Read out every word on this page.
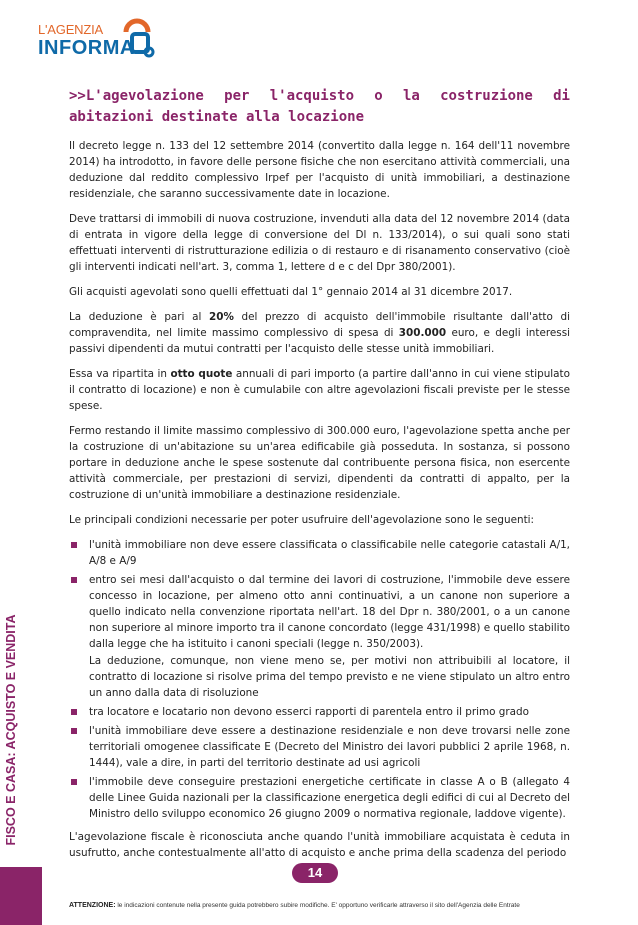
L'AGENZIA
INFORMA
FISCO E CASA: ACQUISTO E VENDITA
>>L'agevolazione per l'acquisto o la costruzione di abitazioni destinate alla locazione

Il decreto legge n. 133 del 12 settembre 2014 (convertito dalla legge n. 164 dell'11 novembre 2014) ha introdotto, in favore delle persone fisiche che non esercitano attività commerciali, una deduzione dal reddito complessivo Irpef per l'acquisto di unità immobiliari, a destinazione residenziale, che saranno successivamente date in locazione.

Deve trattarsi di immobili di nuova costruzione, invenduti alla data del 12 novembre 2014 (data di entrata in vigore della legge di conversione del Dl n. 133/2014), o sui quali sono stati effettuati interventi di ristrutturazione edilizia o di restauro e di risanamento conservativo (cioè gli interventi indicati nell'art. 3, comma 1, lettere d e c del Dpr 380/2001).

Gli acquisti agevolati sono quelli effettuati dal 1° gennaio 2014 al 31 dicembre 2017.

La deduzione è pari al 20% del prezzo di acquisto dell'immobile risultante dall'atto di compravendita, nel limite massimo complessivo di spesa di 300.000 euro, e degli interessi passivi dipendenti da mutui contratti per l'acquisto delle stesse unità immobiliari.

Essa va ripartita in otto quote annuali di pari importo (a partire dall'anno in cui viene stipulato il contratto di locazione) e non è cumulabile con altre agevolazioni fiscali previste per le stesse spese.

Fermo restando il limite massimo complessivo di 300.000 euro, l'agevolazione spetta anche per la costruzione di un'abitazione su un'area edificabile già posseduta. In sostanza, si possono portare in deduzione anche le spese sostenute dal contribuente persona fisica, non esercente attività commerciale, per prestazioni di servizi, dipendenti da contratti di appalto, per la costruzione di un'unità immobiliare a destinazione residenziale.

Le principali condizioni necessarie per poter usufruire dell'agevolazione sono le seguenti:

l'unità immobiliare non deve essere classificata o classificabile nelle categorie catastali A/1, A/8 e A/9
entro sei mesi dall'acquisto o dal termine dei lavori di costruzione, l'immobile deve essere concesso in locazione, per almeno otto anni continuativi, a un canone non superiore a quello indicato nella convenzione riportata nell'art. 18 del Dpr n. 380/2001, o a un canone non superiore al minore importo tra il canone concordato (legge 431/1998) e quello stabilito dalla legge che ha istituito i canoni speciali (legge n. 350/2003).
La deduzione, comunque, non viene meno se, per motivi non attribuibili al locatore, il contratto di locazione si risolve prima del tempo previsto e ne viene stipulato un altro entro un anno dalla data di risoluzione
tra locatore e locatario non devono esserci rapporti di parentela entro il primo grado
l'unità immobiliare deve essere a destinazione residenziale e non deve trovarsi nelle zone territoriali omogenee classificate E (Decreto del Ministro dei lavori pubblici 2 aprile 1968, n. 1444), vale a dire, in parti del territorio destinate ad usi agricoli
l'immobile deve conseguire prestazioni energetiche certificate in classe A o B (allegato 4 delle Linee Guida nazionali per la classificazione energetica degli edifici di cui al Decreto del Ministro dello sviluppo economico 26 giugno 2009 o normativa regionale, laddove vigente).

L'agevolazione fiscale è riconosciuta anche quando l'unità immobiliare acquistata è ceduta in usufrutto, anche contestualmente all'atto di acquisto e anche prima della scadenza del periodo

14
ATTENZIONE: le indicazioni contenute nella presente guida potrebbero subire modifiche. E' opportuno verificarle attraverso il sito dell'Agenzia delle Entrate
